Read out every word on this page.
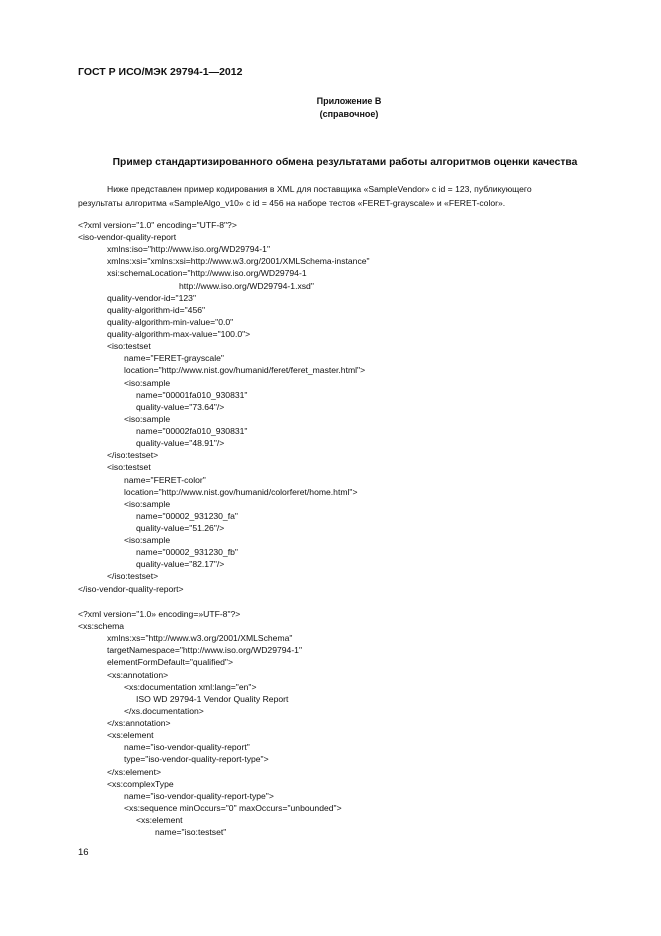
ГОСТ Р ИСО/МЭК 29794-1—2012
Приложение В
(справочное)
Пример стандартизированного обмена результатами работы алгоритмов оценки качества
Ниже представлен пример кодирования в XML для поставщика «SampleVendor» с id = 123, публикующего
результаты алгоритма «SampleAlgo_v10» с id = 456 на наборе тестов «FERET-grayscale» и «FERET-color».
<?xml version="1.0" encoding="UTF-8"?>
<iso-vendor-quality-report
xmlns:iso="http://www.iso.org/WD29794-1"
xmlns:xsi="xmlns:xsi=http://www.w3.org/2001/XMLSchema-instance"
xsi:schemaLocation="http://www.iso.org/WD29794-1
http://www.iso.org/WD29794-1.xsd"
quality-vendor-id="123"
quality-algorithm-id="456"
quality-algorithm-min-value="0.0"
quality-algorithm-max-value="100.0">
<iso:testset
name="FERET-grayscale"
location="http://www.nist.gov/humanid/feret/feret_master.html">
<iso:sample
name="00001fa010_930831"
quality-value="73.64"/>
<iso:sample
name="00002fa010_930831"
quality-value="48.91"/>
</iso:testset>
<iso:testset
name="FERET-color"
location="http://www.nist.gov/humanid/colorferet/home.html">
<iso:sample
name="00002_931230_fa"
quality-value="51.26"/>
<iso:sample
name="00002_931230_fb"
quality-value="82.17"/>
</iso:testset>
</iso-vendor-quality-report>
<?xml version="1.0» encoding=»UTF-8"?>
<xs:schema
xmlns:xs="http://www.w3.org/2001/XMLSchema"
targetNamespace="http://www.iso.org/WD29794-1"
elementFormDefault="qualified">
<xs:annotation>
<xs:documentation xml:lang="en">
ISO WD 29794-1 Vendor Quality Report
</xs.documentation>
</xs:annotation>
<xs:element
name="iso-vendor-quality-report"
type="iso-vendor-quality-report-type">
</xs:element>
<xs:complexType
name="iso-vendor-quality-report-type">
<xs:sequence minOccurs="0" maxOccurs="unbounded">
<xs:element
name="iso:testset"
16
